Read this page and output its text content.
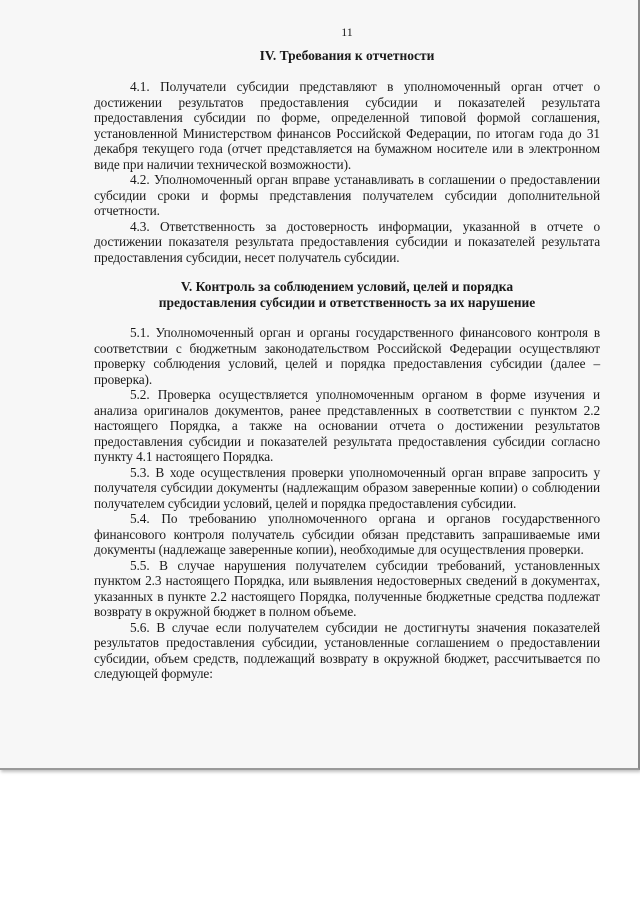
11
IV. Требования к отчетности

4.1. Получатели субсидии представляют в уполномоченный орган отчет о достижении результатов предоставления субсидии и показателей результата предоставления субсидии по форме, определенной типовой формой соглашения, установленной Министерством финансов Российской Федерации, по итогам года до 31 декабря текущего года (отчет представляется на бумажном носителе или в электронном виде при наличии технической возможности).

4.2. Уполномоченный орган вправе устанавливать в соглашении о предоставлении субсидии сроки и формы представления получателем субсидии дополнительной отчетности.

4.3. Ответственность за достоверность информации, указанной в отчете о достижении показателя результата предоставления субсидии и показателей результата предоставления субсидии, несет получатель субсидии.

V. Контроль за соблюдением условий, целей и порядка
предоставления субсидии и ответственность за их нарушение

5.1. Уполномоченный орган и органы государственного финансового контроля в соответствии с бюджетным законодательством Российской Федерации осуществляют проверку соблюдения условий, целей и порядка предоставления субсидии (далее – проверка).

5.2. Проверка осуществляется уполномоченным органом в форме изучения и анализа оригиналов документов, ранее представленных в соответствии с пунктом 2.2 настоящего Порядка, а также на основании отчета о достижении результатов предоставления субсидии и показателей результата предоставления субсидии согласно пункту 4.1 настоящего Порядка.

5.3. В ходе осуществления проверки уполномоченный орган вправе запросить у получателя субсидии документы (надлежащим образом заверенные копии) о соблюдении получателем субсидии условий, целей и порядка предоставления субсидии.

5.4. По требованию уполномоченного органа и органов государственного финансового контроля получатель субсидии обязан представить запрашиваемые ими документы (надлежаще заверенные копии), необходимые для осуществления проверки.

5.5. В случае нарушения получателем субсидии требований, установленных пунктом 2.3 настоящего Порядка, или выявления недостоверных сведений в документах, указанных в пункте 2.2 настоящего Порядка, полученные бюджетные средства подлежат возврату в окружной бюджет в полном объеме.

5.6. В случае если получателем субсидии не достигнуты значения показателей результатов предоставления субсидии, установленные соглашением о предоставлении субсидии, объем средств, подлежащий возврату в окружной бюджет, рассчитывается по следующей формуле:
